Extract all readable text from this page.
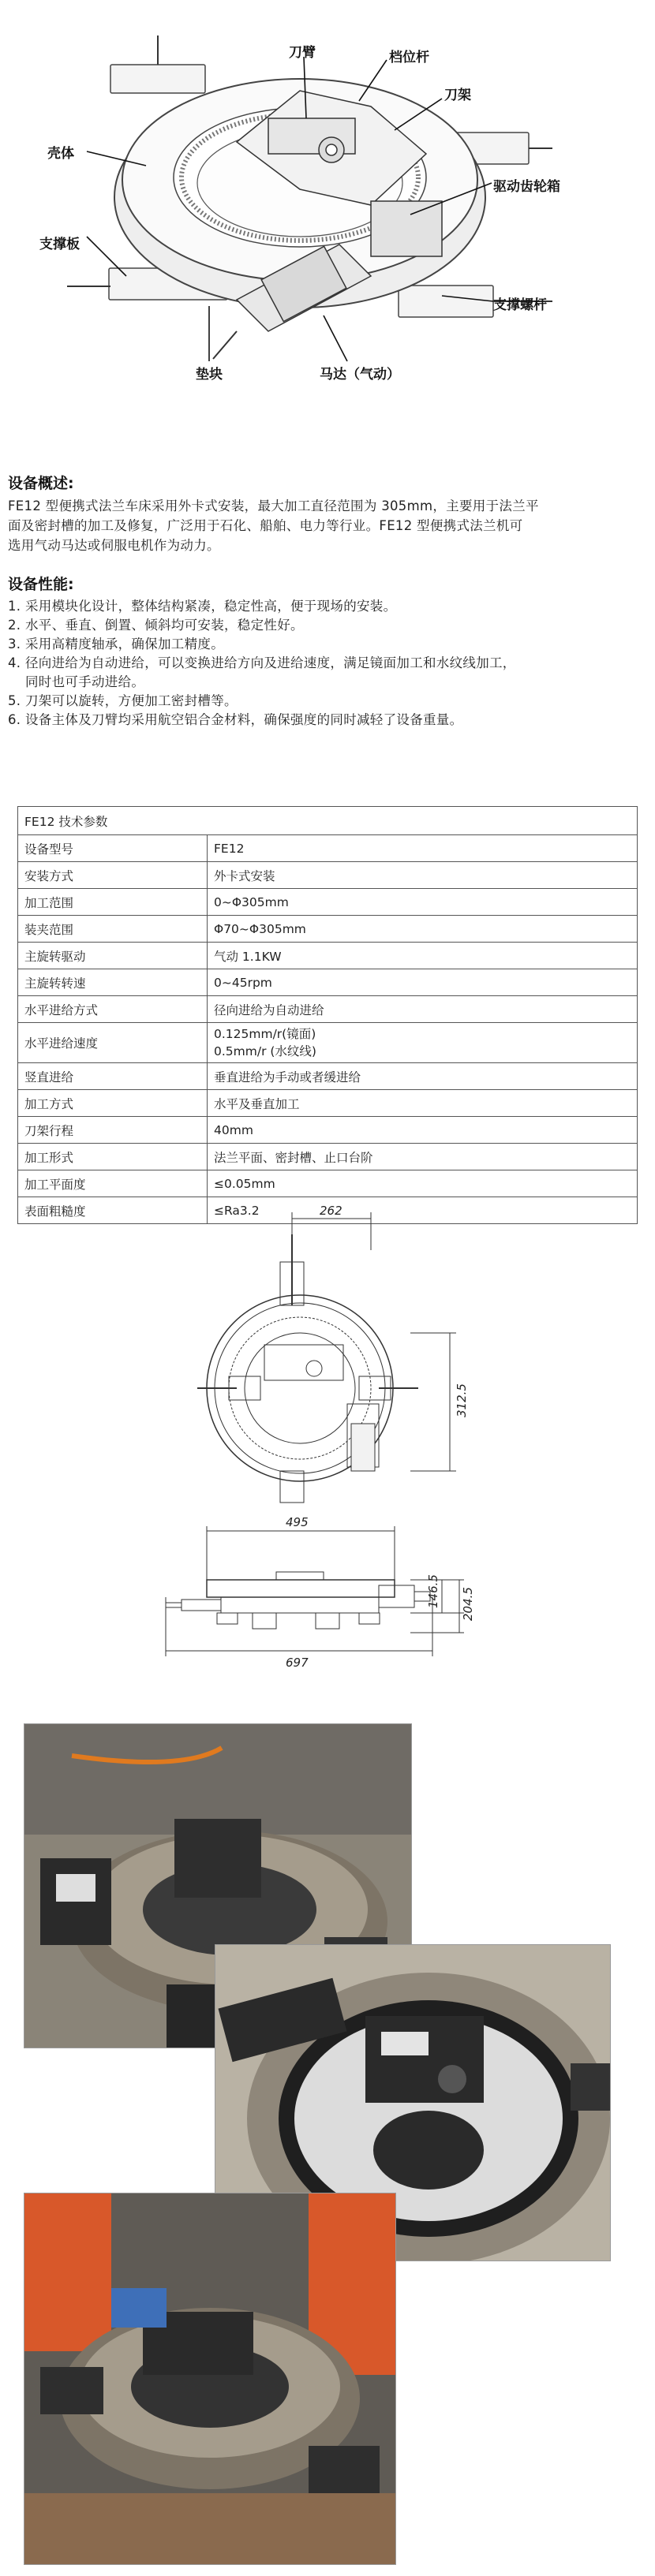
刀臂	档位杆
刀架
壳体
驱动齿轮箱
支撑板
支撑螺杆
垫块	马达（气动）

设备概述:

FE12 型便携式法兰车床采用外卡式安装，最大加工直径范围为 305mm，主要用于法兰平

面及密封槽的加工及修复，广泛用于石化、船舶、电力等行业。FE12 型便携式法兰机可

选用气动马达或伺服电机作为动力。

设备性能:

1. 采用模块化设计，整体结构紧凑，稳定性高，便于现场的安装。
2. 水平、垂直、倒置、倾斜均可安装，稳定性好。
3. 采用高精度轴承，确保加工精度。
4. 径向进给为自动进给，可以变换进给方向及进给速度，满足镜面加工和水纹线加工，
同时也可手动进给。
5. 刀架可以旋转，方便加工密封槽等。
6. 设备主体及刀臂均采用航空铝合金材料，确保强度的同时减轻了设备重量。
FE12 技术参数	
设备型号	FE12
安装方式	外卡式安装
加工范围	0~Φ305mm
装夹范围	Φ70~Φ305mm
主旋转驱动	气动 1.1KW
主旋转转速	0~45rpm
水平进给方式	径向进给为自动进给
水平进给速度	0.125mm/r(镜面)
0.5mm/r (水纹线)

竖直进给	垂直进给为手动或者缓进给
加工方式	水平及垂直加工
刀架行程	40mm
加工形式	法兰平面、密封槽、止口台阶
加工平面度	≤0.05mm
表面粗糙度	≤Ra3.2	262
312.5
495
697
146.5 204.5
